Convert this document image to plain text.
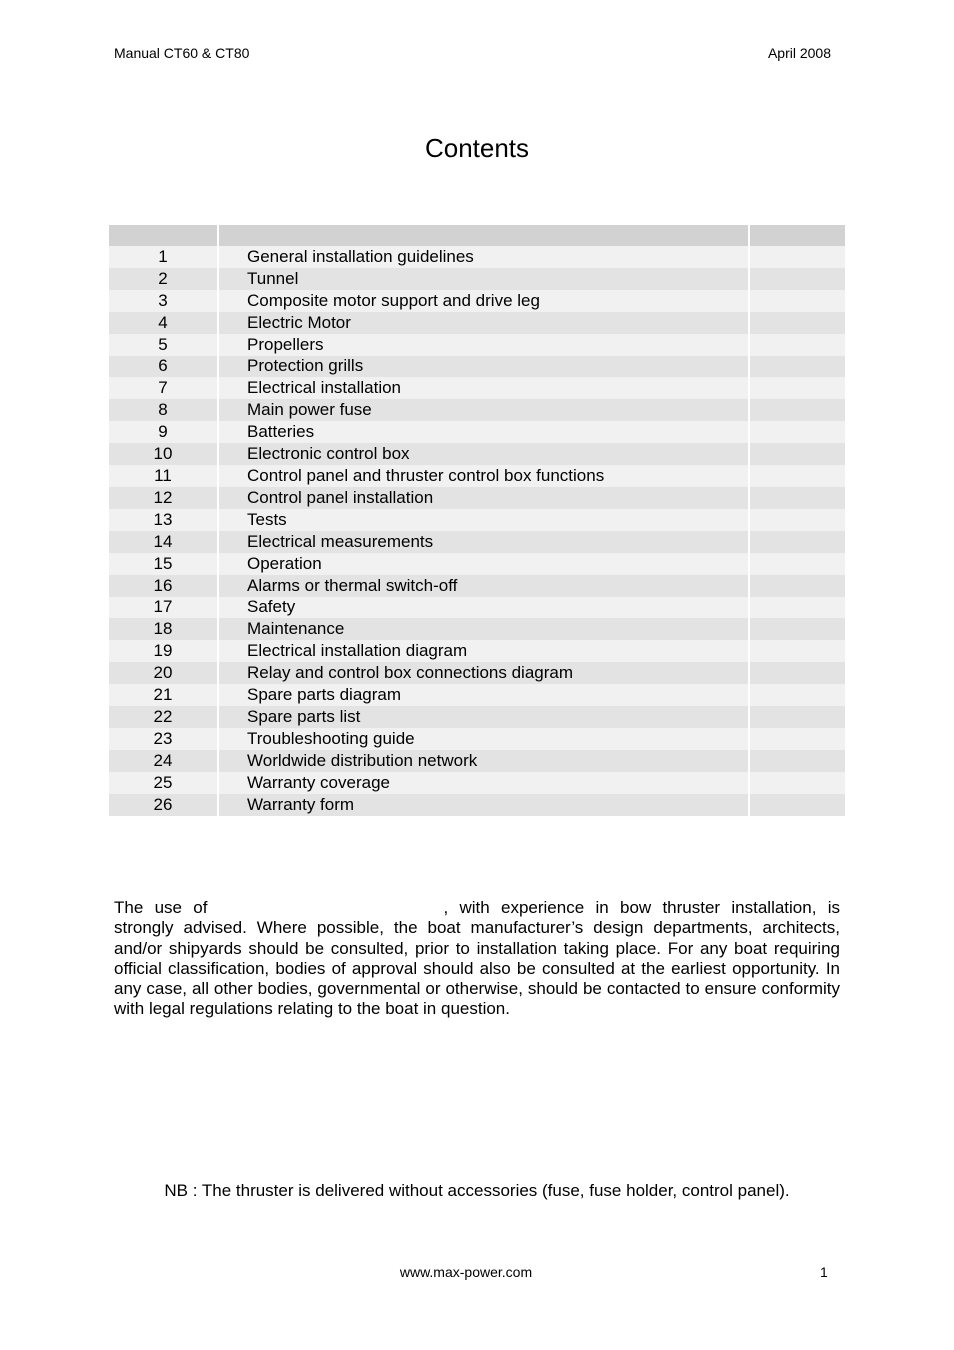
Manual CT60 & CT80	April 2008
Contents
1	General installation guidelines
2	Tunnel
3	Composite motor support and drive leg
4	Electric Motor
5	Propellers
6	Protection grills
7	Electrical installation
8	Main power fuse
9	Batteries
10	Electronic control box
11	Control panel and thruster control box functions
12	Control panel installation
13	Tests
14	Electrical measurements
15	Operation
16	Alarms or thermal switch-off
17	Safety
18	Maintenance
19	Electrical installation diagram
20	Relay and control box connections diagram
21	Spare parts diagram
22	Spare parts list
23	Troubleshooting guide
24	Worldwide distribution network
25	Warranty coverage
26	Warranty form
The use of	, with experience in bow thruster installation, is strongly advised. Where possible, the boat manufacturer’s design departments, architects, and/or shipyards should be consulted, prior to installation taking place. For any boat requiring official classification, bodies of approval should also be consulted at the earliest opportunity. In any case, all other bodies, governmental or otherwise, should be contacted to ensure conformity with legal regulations relating to the boat in question.
NB : The thruster is delivered without accessories (fuse, fuse holder, control panel).
www.max-power.com	1
